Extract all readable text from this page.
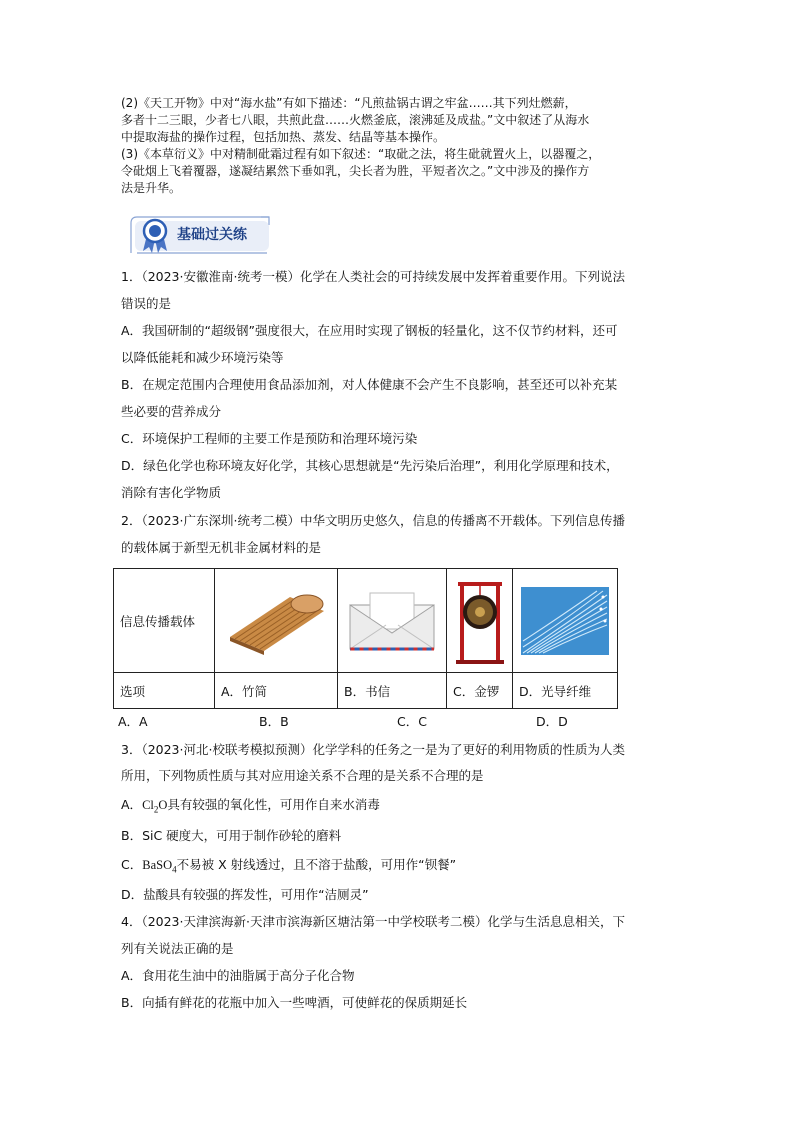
(2)《天工开物》中对“海水盐”有如下描述：“凡煎盐锅古谓之牢盆……其下列灶燃薪，
多者十二三眼，少者七八眼，共煎此盘……火燃釜底，滚沸延及成盐。”文中叙述了从海水
中提取海盐的操作过程，包括加热、蒸发、结晶等基本操作。
(3)《本草衍义》中对精制砒霜过程有如下叙述：“取砒之法，将生砒就置火上，以器覆之，
令砒烟上飞着覆器，遂凝结累然下垂如乳，尖长者为胜，平短者次之。”文中涉及的操作方
法是升华。
基础过关练
1．（2023·安徽淮南·统考一模）化学在人类社会的可持续发展中发挥着重要作用。下列说法
错误的是
A．我国研制的“超级钢”强度很大，在应用时实现了钢板的轻量化，这不仅节约材料，还可
以降低能耗和减少环境污染等
B．在规定范围内合理使用食品添加剂，对人体健康不会产生不良影响，甚至还可以补充某
些必要的营养成分
C．环境保护工程师的主要工作是预防和治理环境污染
D．绿色化学也称环境友好化学，其核心思想就是“先污染后治理”，利用化学原理和技术，
消除有害化学物质
2．（2023·广东深圳·统考二模）中华文明历史悠久，信息的传播离不开载体。下列信息传播
的载体属于新型无机非金属材料的是
信息传播载体	

选项	A．竹简	B．书信	C．金锣	D．光导纤维
A．A	B．B	C．C	D．D
3．（2023·河北·校联考模拟预测）化学学科的任务之一是为了更好的利用物质的性质为人类
所用，下列物质性质与其对应用途关系不合理的是关系不合理的是
A．$Cl_2O$具有较强的氧化性，可用作自来水消毒
B．SiC 硬度大，可用于制作砂轮的磨料
C．BaSO$_4$不易被 X 射线透过，且不溶于盐酸，可用作“钡餐”
D．盐酸具有较强的挥发性，可用作“洁厕灵”
4．（2023·天津滨海新·天津市滨海新区塘沽第一中学校联考二模）化学与生活息息相关，下
列有关说法正确的是
A．食用花生油中的油脂属于高分子化合物
B．向插有鲜花的花瓶中加入一些啤酒，可使鲜花的保质期延长
